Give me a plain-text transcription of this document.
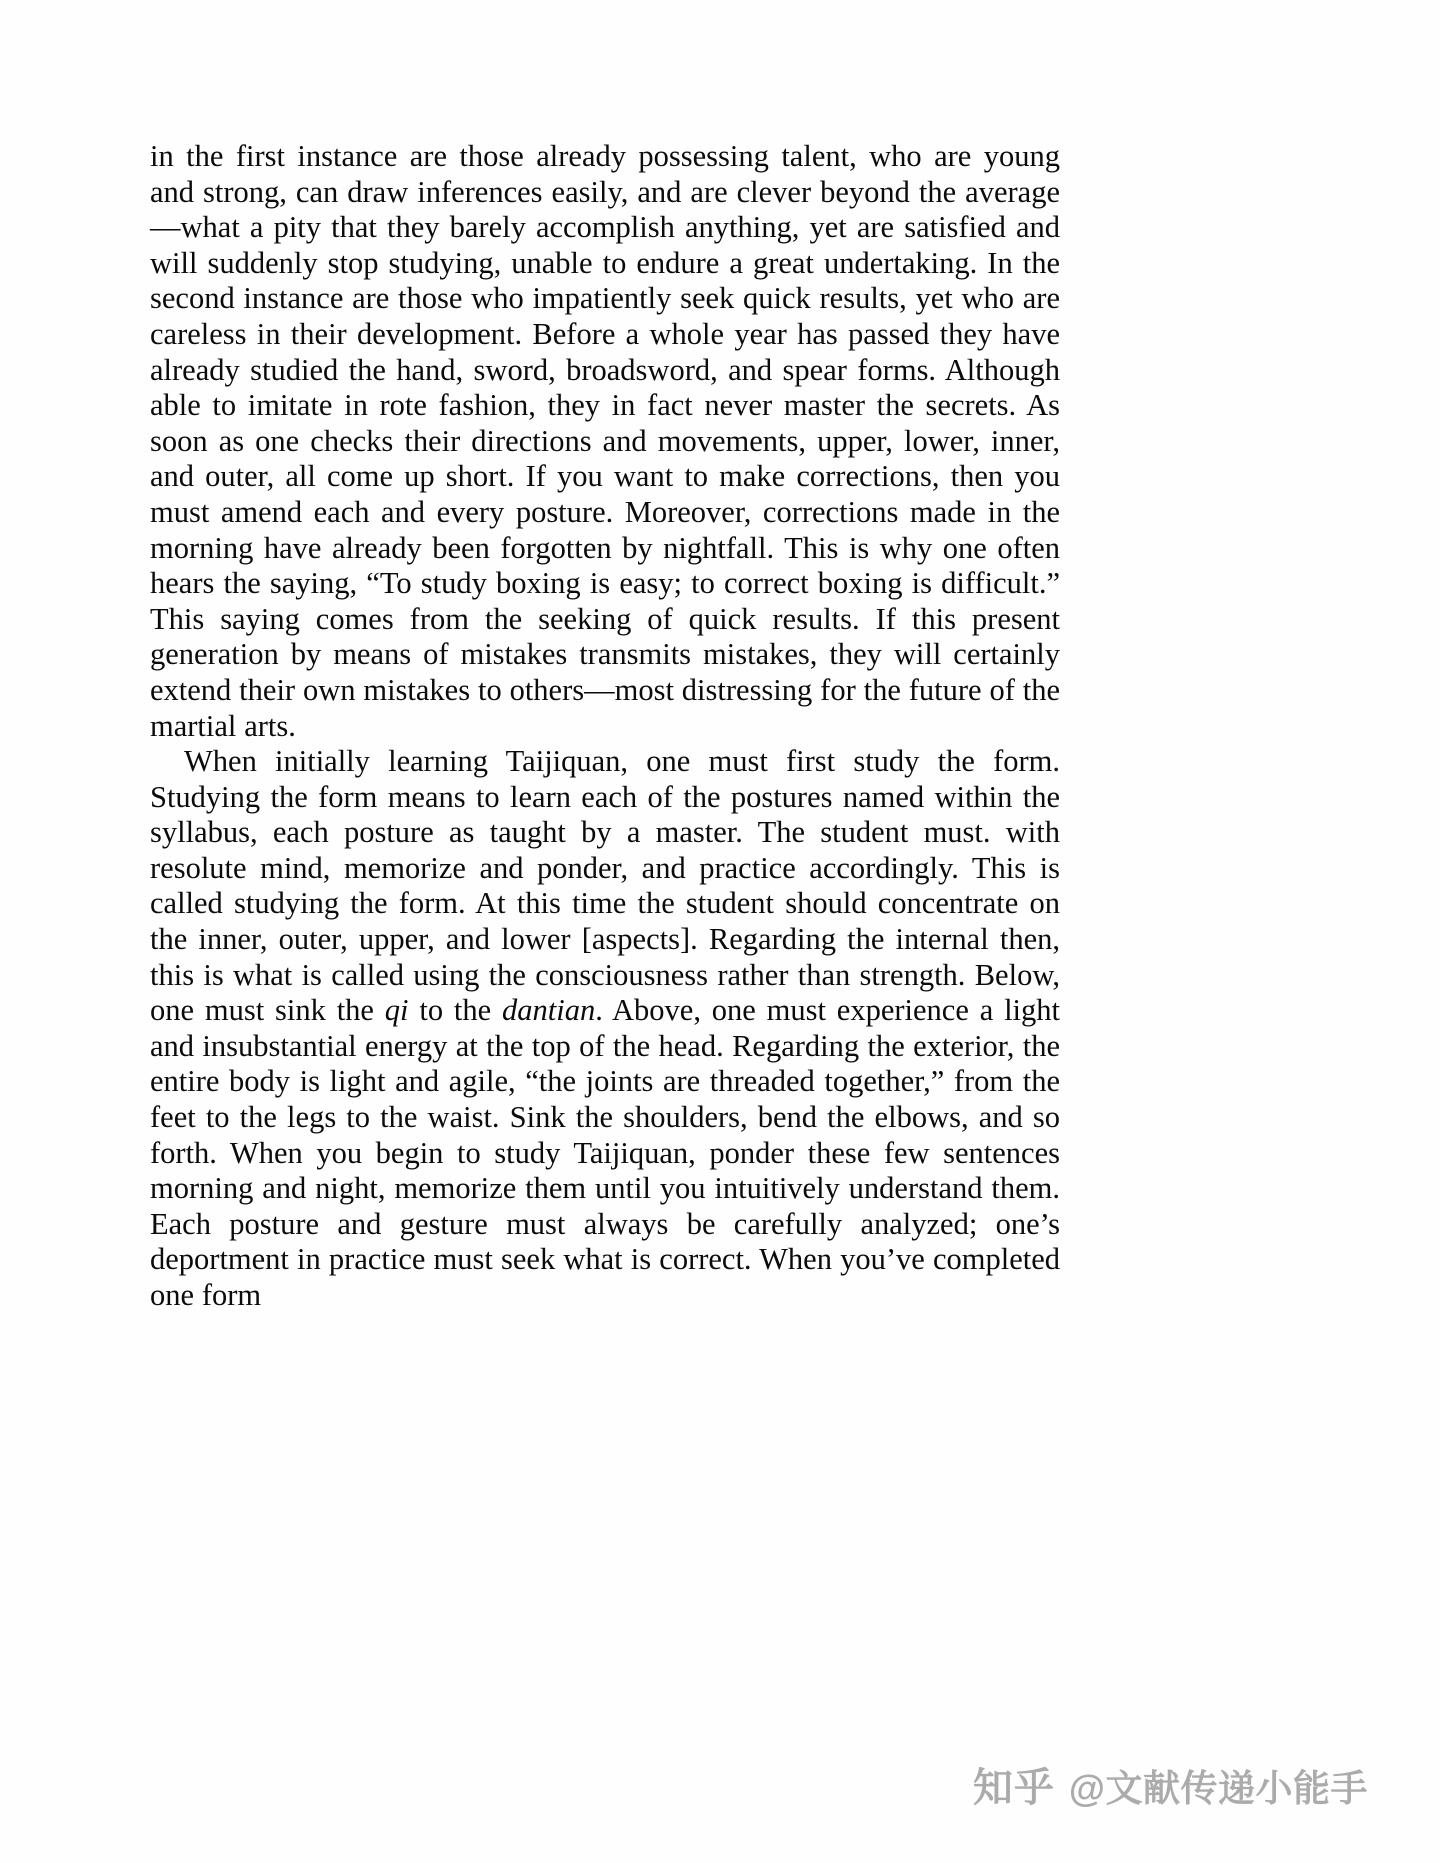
in the first instance are those already possessing talent, who are young and strong, can draw inferences easily, and are clever beyond the average—what a pity that they barely accomplish anything, yet are satisfied and will suddenly stop studying, unable to endure a great undertaking. In the second instance are those who impatiently seek quick results, yet who are careless in their development. Before a whole year has passed they have already studied the hand, sword, broadsword, and spear forms. Although able to imitate in rote fashion, they in fact never master the secrets. As soon as one checks their directions and movements, upper, lower, inner, and outer, all come up short. If you want to make corrections, then you must amend each and every posture. Moreover, corrections made in the morning have already been forgotten by nightfall. This is why one often hears the saying, “To study boxing is easy; to correct boxing is difficult.” This saying comes from the seeking of quick results. If this present generation by means of mistakes transmits mistakes, they will certainly extend their own mistakes to others—most distressing for the future of the martial arts.

When initially learning Taijiquan, one must first study the form. Studying the form means to learn each of the postures named within the syllabus, each posture as taught by a master. The student must. with resolute mind, memorize and ponder, and practice accordingly. This is called studying the form. At this time the student should concentrate on the inner, outer, upper, and lower [aspects]. Regarding the internal then, this is what is called using the consciousness rather than strength. Below, one must sink the qi to the dantian. Above, one must experience a light and insubstantial energy at the top of the head. Regarding the exterior, the entire body is light and agile, “the joints are threaded together,” from the feet to the legs to the waist. Sink the shoulders, bend the elbows, and so forth. When you begin to study Taijiquan, ponder these few sentences morning and night, memorize them until you intuitively understand them. Each posture and gesture must always be carefully analyzed; one’s deportment in practice must seek what is correct. When you’ve completed one form

知乎 @文献传递小能手
